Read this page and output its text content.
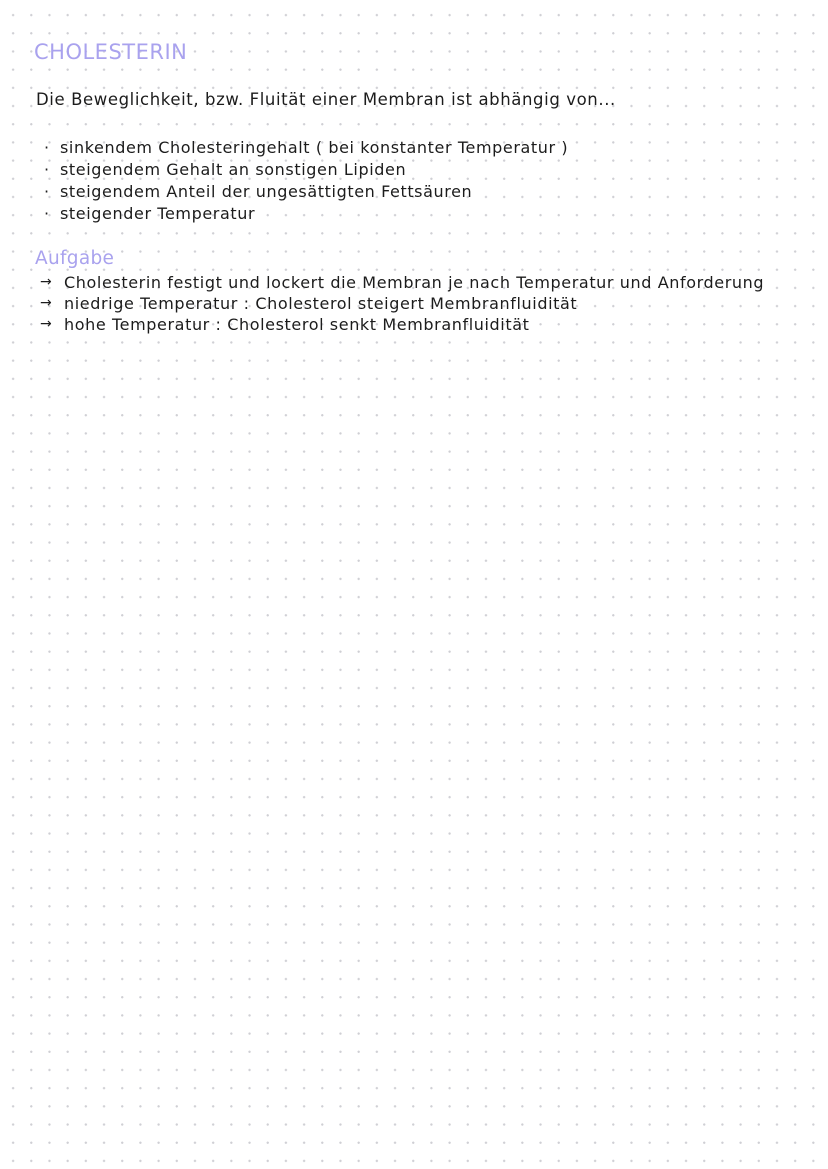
CHOLESTERIN

Die Beweglichkeit, bzw. Fluität einer Membran ist abhängig von...

· sinkendem Cholesteringehalt ( bei konstanter Temperatur )
· steigendem Gehalt an sonstigen Lipiden
· steigendem Anteil der ungesättigten Fettsäuren
· steigender Temperatur
Aufgabe
→ Cholesterin festigt und lockert die Membran je nach Temperatur und Anforderung
→ niedrige Temperatur : Cholesterol steigert Membranfluidität
→ hohe Temperatur : Cholesterol senkt Membranfluidität
